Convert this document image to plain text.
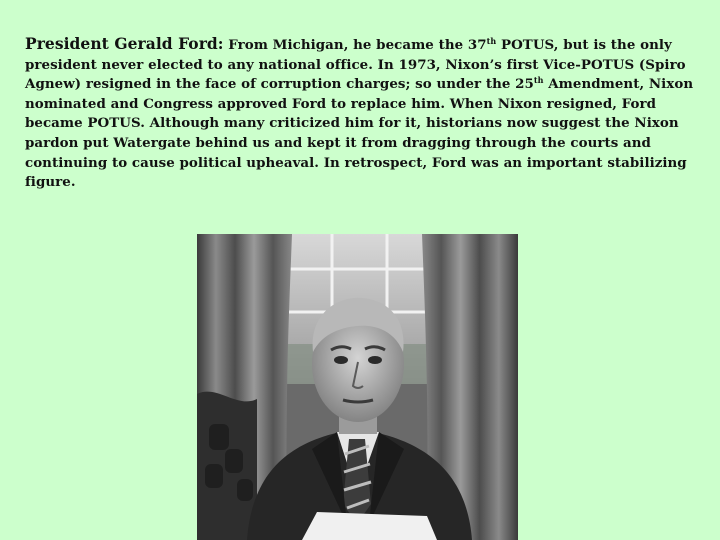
President Gerald Ford: From Michigan, he became the 37th POTUS, but is the only president never elected to any national office. In 1973, Nixon’s first Vice-POTUS (Spiro Agnew) resigned in the face of corruption charges; so under the 25th Amendment, Nixon nominated and Congress approved Ford to replace him. When Nixon resigned, Ford became POTUS. Although many criticized him for it, historians now suggest the Nixon pardon put Watergate behind us and kept it from dragging through the courts and continuing to cause political upheaval. In retrospect, Ford was an important stabilizing figure.
